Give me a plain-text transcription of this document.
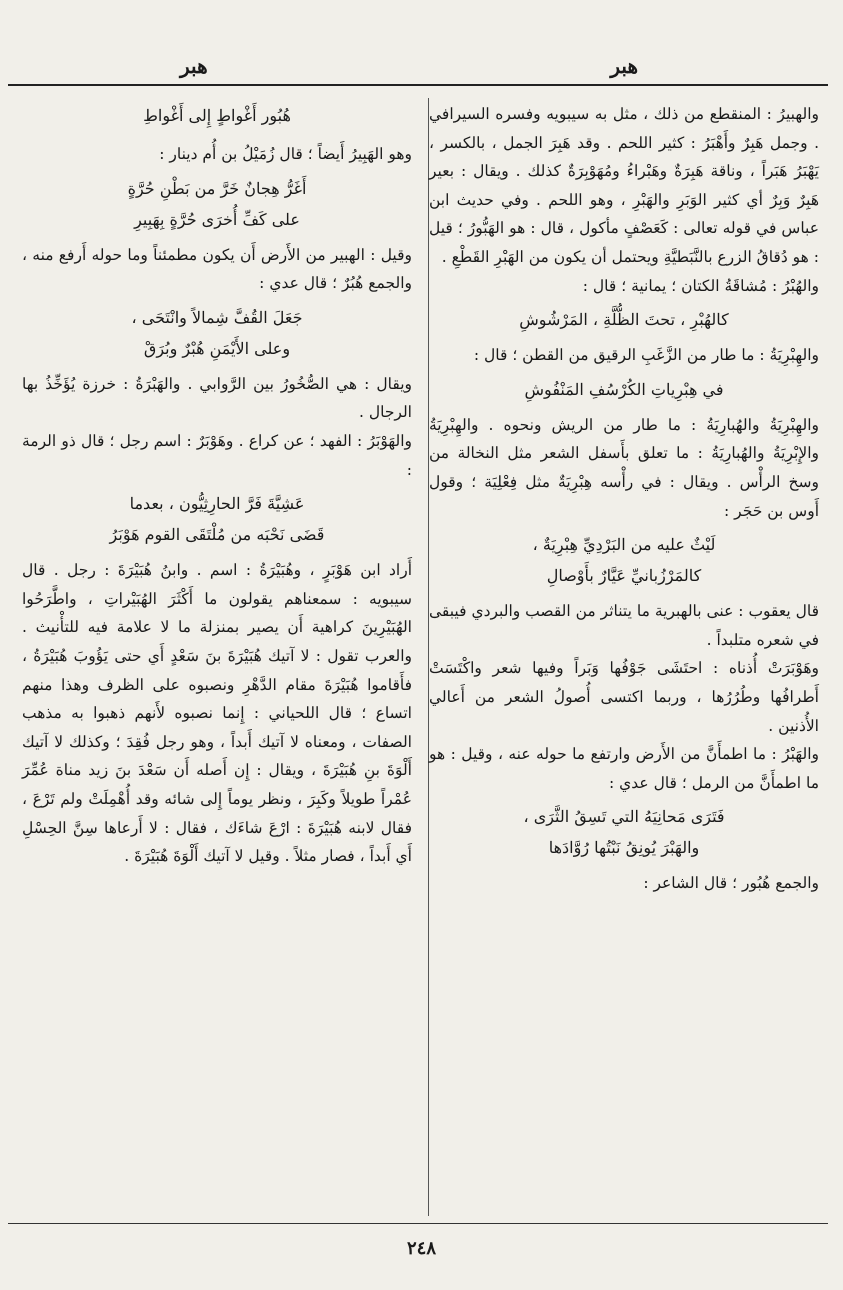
هبر
هبر

والهبيرُ : المنقطع من ذلك ، مثل به سيبويه وفسره السيرافي . وجمل هَبِرٌ وأَهْبَرُ : كثير اللحم . وقد هَبِرَ الجمل ، بالكسر ، يَهْبَرُ هَبَراً ، وناقة هَبِرَةٌ وهَبْراءُ ومُهَوْبِرَةٌ كذلك . ويقال : بعير هَبِرٌ وَبِرٌ أي كثير الوَبَرِ والهَبْرِ ، وهو اللحم . وفي حديث ابن عباس في قوله تعالى : كَعَصْفٍ مأكول ، قال : هو الهَبُّورُ ؛ قيل : هو دُقاقُ الزرع بالنَّبَطيَّةِ ويحتمل أن يكون من الهَبْرِ القَطْعِ .

والهُبْرُ : مُشاقَةُ الكتان ؛ يمانية ؛ قال :

كالهُبْرِ ، تحتَ الظُّلَّةِ ، المَرْشُوشِ

والهِبْرِيَةُ : ما طار من الزَّغَبِ الرقيق من القطن ؛ قال :

في هِبْرِياتِ الكُرْسُفِ المَنْفُوشِ

والهِبْرِيَةُ والهُبارِيَةُ : ما طار من الريش ونحوه . والهِبْرِيَةُ والإِبْرِيَةُ والهُبارِيَةُ : ما تعلق بأَسفل الشعر مثل النخالة من وسخ الرأْس . ويقال : في رأْسه هِبْرِيَةٌ مثل فِعْلِيَة ؛ وقول أَوس بن حَجَر :

لَيْثٌ عليه من البَرْدِيِّ هِبْرِيَةٌ ،
كالمَرْزُبانيِّ عَيَّارٌ بأَوْصالِ

قال يعقوب : عنى بالهبرية ما يتناثر من القصب والبردي فيبقى في شعره متلبداً .

وهَوْبَرَتْ أُذناه : احتَشَى جَوْفُها وَبَراً وفيها شعر واكْتَسَتْ أَطرافُها وطُرُرُها ، وربما اكتسى أُصولُ الشعر من أَعالي الأُذنين .

والهَبْرُ : ما اطمأَنَّ من الأَرض وارتفع ما حوله عنه ، وقيل : هو ما اطمأَنَّ من الرمل ؛ قال عدي :

فَتَرَى مَحانِيَهُ التي تَسِقُ الثَّرَى ،
والهَبْرَ يُونِقُ نَبْتُها رُوَّادَها

والجمع هُبُور ؛ قال الشاعر :

هُبُور أَغْواطٍ إِلى أَغْواطِ

وهو الهَبِيرُ أَيضاً ؛ قال زُمَيْلُ بن أُم دينار :

أَغَرُّ هِجانٌ خَرَّ من بَطْنِ حُرَّةٍ
على كَفِّ أُخرَى حُرَّةٍ بِهَبِيرِ

وقيل : الهبير من الأَرض أَن يكون مطمئناً وما حوله أَرفع منه ، والجمع هُبُرٌ ؛ قال عدي :

جَعَلَ القُفَّ شِمالاً وانْتَحَى ،
وعلى الأَيْمَنِ هُبْرٌ وبُرَقْ

ويقال : هي الصُّخُورُ بين الرَّوابي . والهَبْرَةُ : خرزة يُؤَخِّذُ بها الرجال .

والهَوْبَرُ : الفهد ؛ عن كراع . وهَوْبَرٌ : اسم رجل ؛ قال ذو الرمة :

عَشِيَّةَ فَرَّ الحارِثِيُّون ، بعدما
قَضَى نَحْبَه من مُلْتَقَى القوم هَوْبَرُ

أَراد ابن هَوْبَرٍ ، وهُبَيْرَةُ : اسم . وابنُ هُبَيْرَةَ : رجل . قال سيبويه : سمعناهم يقولون ما أَكْثَرَ الهُبَيْراتِ ، واطَّرَحُوا الهُبَيْرِينَ كراهية أَن يصير بمنزلة ما لا علامة فيه للتأْنيث . والعرب تقول : لا آتيك هُبَيْرَةَ بنَ سَعْدٍ أَي حتى يَؤُوبَ هُبَيْرَةُ ، فأَقاموا هُبَيْرَةَ مقام الدَّهْرِ ونصبوه على الظرف وهذا منهم اتساع ؛ قال اللحياني : إِنما نصبوه لأَنهم ذهبوا به مذهب الصفات ، ومعناه لا آتيك أَبداً ، وهو رجل فُقِدَ ؛ وكذلك لا آتيك أَلْوَةَ بنِ هُبَيْرَةَ ، ويقال : إِن أَصله أَن سَعْدَ بنَ زيد مناة عُمِّرَ عُمْراً طويلاً وكَبِرَ ، ونظر يوماً إِلى شائه وقد أُهْمِلَتْ ولم تَرْعَ ، فقال لابنه هُبَيْرَةَ : ارْعَ شاءَك ، فقال : لا أَرعاها سِنَّ الحِسْلِ أَي أَبداً ، فصار مثلاً . وقيل لا آتيك أَلْوَةَ هُبَيْرَةَ .

٢٤٨
